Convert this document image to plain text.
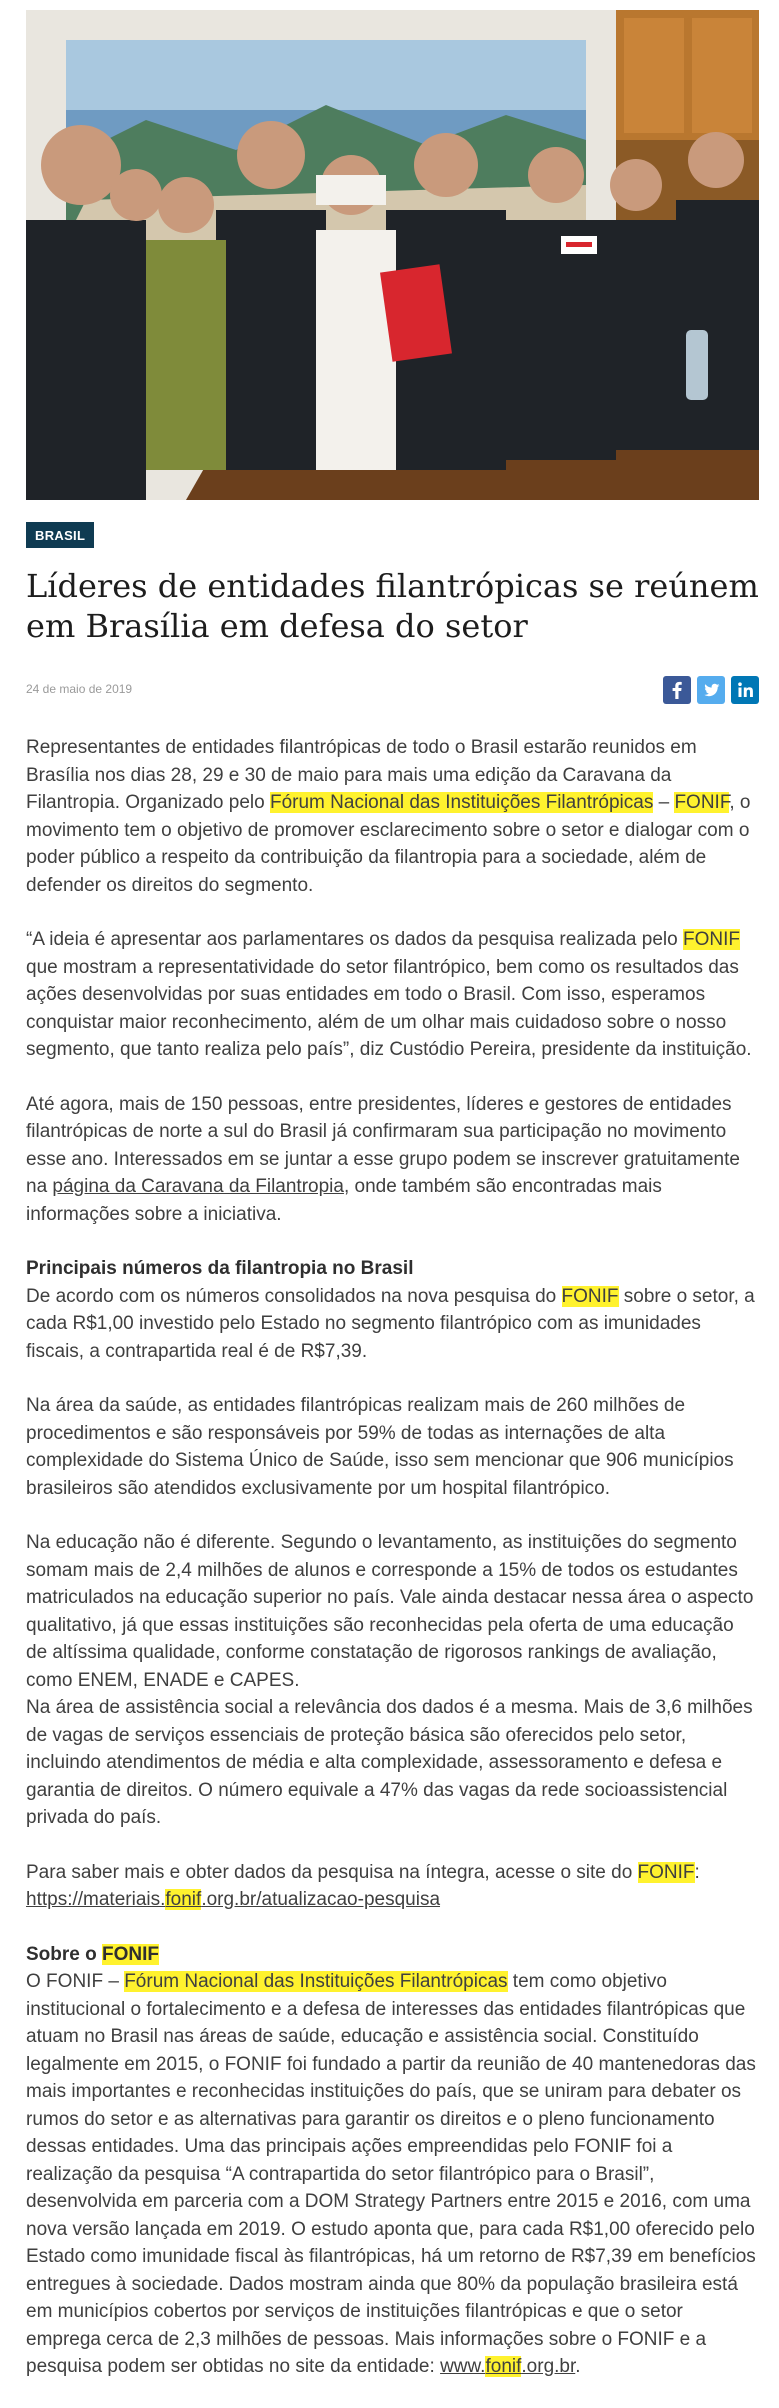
BRASIL
Líderes de entidades filantrópicas se reúnem em Brasília em defesa do setor
24 de maio de 2019

Representantes de entidades filantrópicas de todo o Brasil estarão reunidos em Brasília nos dias 28, 29 e 30 de maio para mais uma edição da Caravana da Filantropia. Organizado pelo Fórum Nacional das Instituições Filantrópicas – FONIF, o movimento tem o objetivo de promover esclarecimento sobre o setor e dialogar com o poder público a respeito da contribuição da filantropia para a sociedade, além de defender os direitos do segmento.

“A ideia é apresentar aos parlamentares os dados da pesquisa realizada pelo FONIF que mostram a representatividade do setor filantrópico, bem como os resultados das ações desenvolvidas por suas entidades em todo o Brasil. Com isso, esperamos conquistar maior reconhecimento, além de um olhar mais cuidadoso sobre o nosso segmento, que tanto realiza pelo país”, diz Custódio Pereira, presidente da instituição.

Até agora, mais de 150 pessoas, entre presidentes, líderes e gestores de entidades filantrópicas de norte a sul do Brasil já confirmaram sua participação no movimento esse ano. Interessados em se juntar a esse grupo podem se inscrever gratuitamente na página da Caravana da Filantropia, onde também são encontradas mais informações sobre a iniciativa.

Principais números da filantropia no Brasil

De acordo com os números consolidados na nova pesquisa do FONIF sobre o setor, a cada R$1,00 investido pelo Estado no segmento filantrópico com as imunidades fiscais, a contrapartida real é de R$7,39.

Na área da saúde, as entidades filantrópicas realizam mais de 260 milhões de procedimentos e são responsáveis por 59% de todas as internações de alta complexidade do Sistema Único de Saúde, isso sem mencionar que 906 municípios brasileiros são atendidos exclusivamente por um hospital filantrópico.

Na educação não é diferente. Segundo o levantamento, as instituições do segmento somam mais de 2,4 milhões de alunos e corresponde a 15% de todos os estudantes matriculados na educação superior no país. Vale ainda destacar nessa área o aspecto qualitativo, já que essas instituições são reconhecidas pela oferta de uma educação de altíssima qualidade, conforme constatação de rigorosos rankings de avaliação, como ENEM, ENADE e CAPES.

Na área de assistência social a relevância dos dados é a mesma. Mais de 3,6 milhões de vagas de serviços essenciais de proteção básica são oferecidos pelo setor, incluindo atendimentos de média e alta complexidade, assessoramento e defesa e garantia de direitos. O número equivale a 47% das vagas da rede socioassistencial privada do país.

Para saber mais e obter dados da pesquisa na íntegra, acesse o site do FONIF:
https://materiais.fonif.org.br/atualizacao-pesquisa

Sobre o FONIF

O FONIF – Fórum Nacional das Instituições Filantrópicas tem como objetivo institucional o fortalecimento e a defesa de interesses das entidades filantrópicas que atuam no Brasil nas áreas de saúde, educação e assistência social. Constituído legalmente em 2015, o FONIF foi fundado a partir da reunião de 40 mantenedoras das mais importantes e reconhecidas instituições do país, que se uniram para debater os rumos do setor e as alternativas para garantir os direitos e o pleno funcionamento dessas entidades. Uma das principais ações empreendidas pelo FONIF foi a realização da pesquisa “A contrapartida do setor filantrópico para o Brasil”, desenvolvida em parceria com a DOM Strategy Partners entre 2015 e 2016, com uma nova versão lançada em 2019. O estudo aponta que, para cada R$1,00 oferecido pelo Estado como imunidade fiscal às filantrópicas, há um retorno de R$7,39 em benefícios entregues à sociedade. Dados mostram ainda que 80% da população brasileira está em municípios cobertos por serviços de instituições filantrópicas e que o setor emprega cerca de 2,3 milhões de pessoas. Mais informações sobre o FONIF e a pesquisa podem ser obtidas no site da entidade: www.fonif.org.br.
